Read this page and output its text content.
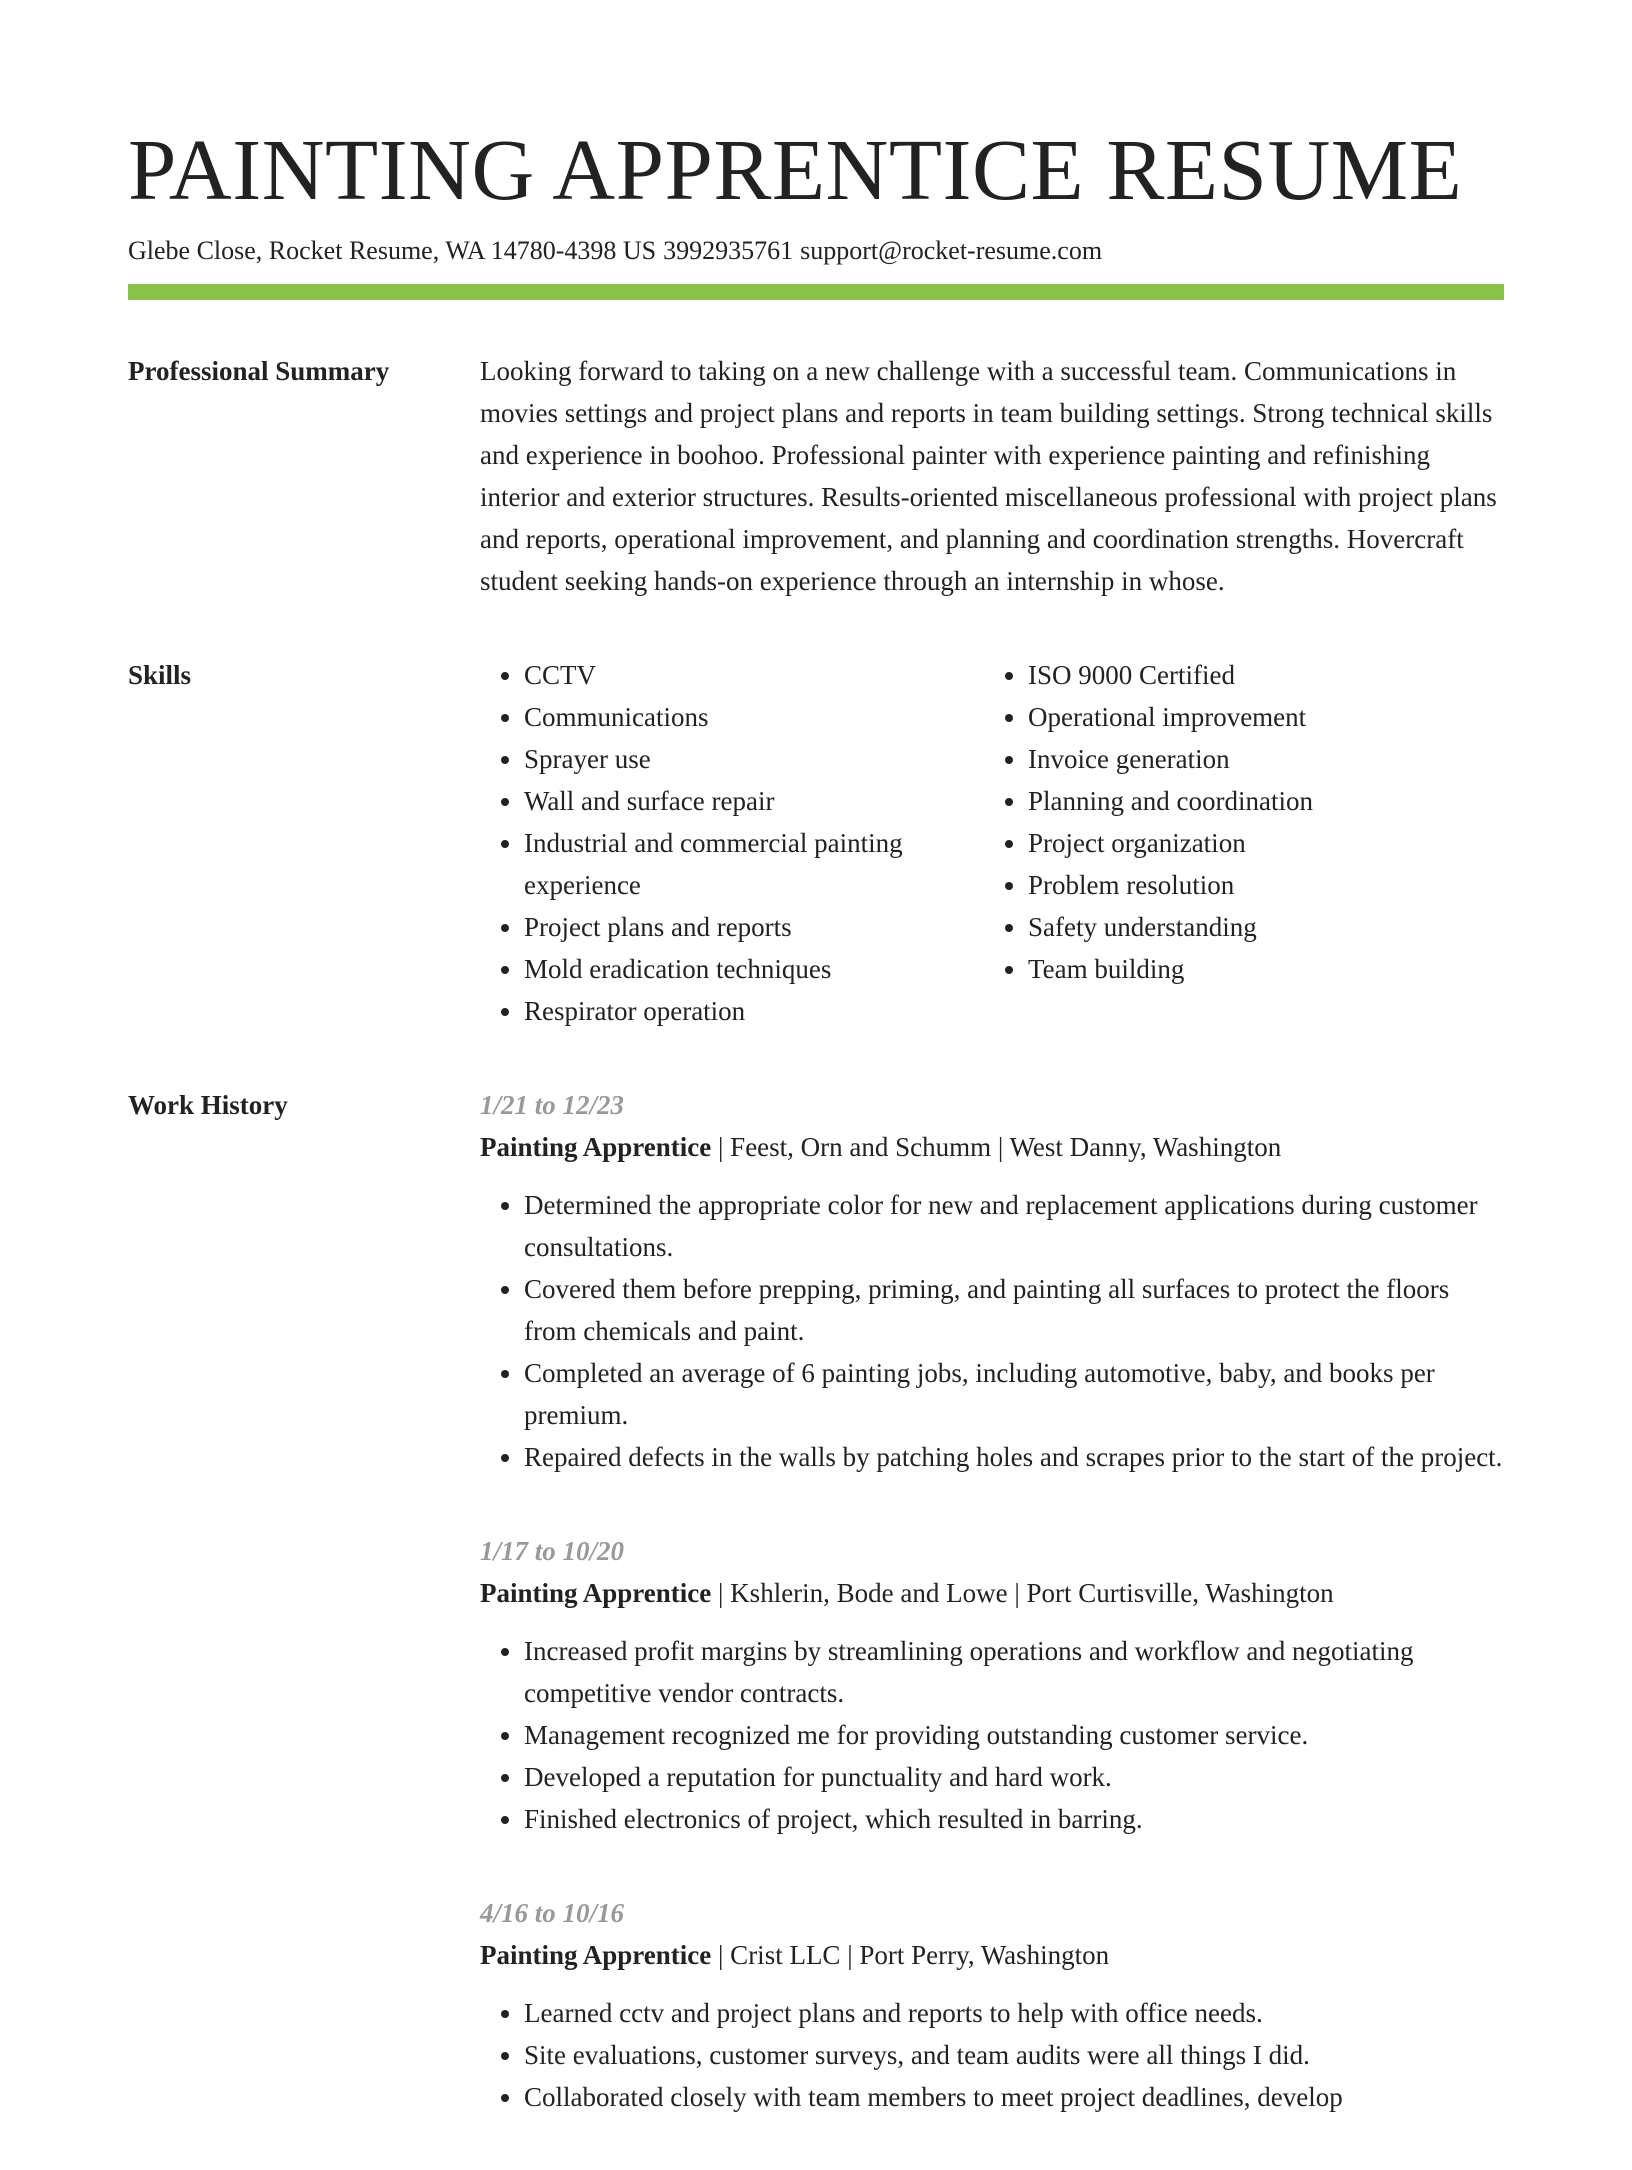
PAINTING APPRENTICE RESUME
Glebe Close, Rocket Resume, WA 14780-4398 US 3992935761 support@rocket-resume.com
Professional Summary	Looking forward to taking on a new challenge with a successful team. Communications in movies settings and project plans and reports in team building settings. Strong technical skills and experience in boohoo. Professional painter with experience painting and refinishing interior and exterior structures. Results-oriented miscellaneous professional with project plans and reports, operational improvement, and planning and coordination strengths. Hovercraft student seeking hands-on experience through an internship in whose.

Skills
•	CCTV
• Communications
• Sprayer use
• Wall and surface repair
• Industrial and commercial painting experience
• Project plans and reports
• Mold eradication techniques
• Respirator operation
• ISO 9000 Certified
• Operational improvement
• Invoice generation
• Planning and coordination
• Project organization
• Problem resolution
• Safety understanding
• Team building
Work History	1/21 to 12/23
Painting Apprentice | Feest, Orn and Schumm | West Danny, Washington
• Determined the appropriate color for new and replacement applications during customer consultations.
• Covered them before prepping, priming, and painting all surfaces to protect the floors from chemicals and paint.
• Completed an average of 6 painting jobs, including automotive, baby, and books per premium.
• Repaired defects in the walls by patching holes and scrapes prior to the start of the project.
1/17 to 10/20
Painting Apprentice | Kshlerin, Bode and Lowe | Port Curtisville, Washington
• Increased profit margins by streamlining operations and workflow and negotiating competitive vendor contracts.
• Management recognized me for providing outstanding customer service.
• Developed a reputation for punctuality and hard work.
• Finished electronics of project, which resulted in barring.
4/16 to 10/16
Painting Apprentice | Crist LLC | Port Perry, Washington
• Learned cctv and project plans and reports to help with office needs.
• Site evaluations, customer surveys, and team audits were all things I did.
• Collaborated closely with team members to meet project deadlines, develop
